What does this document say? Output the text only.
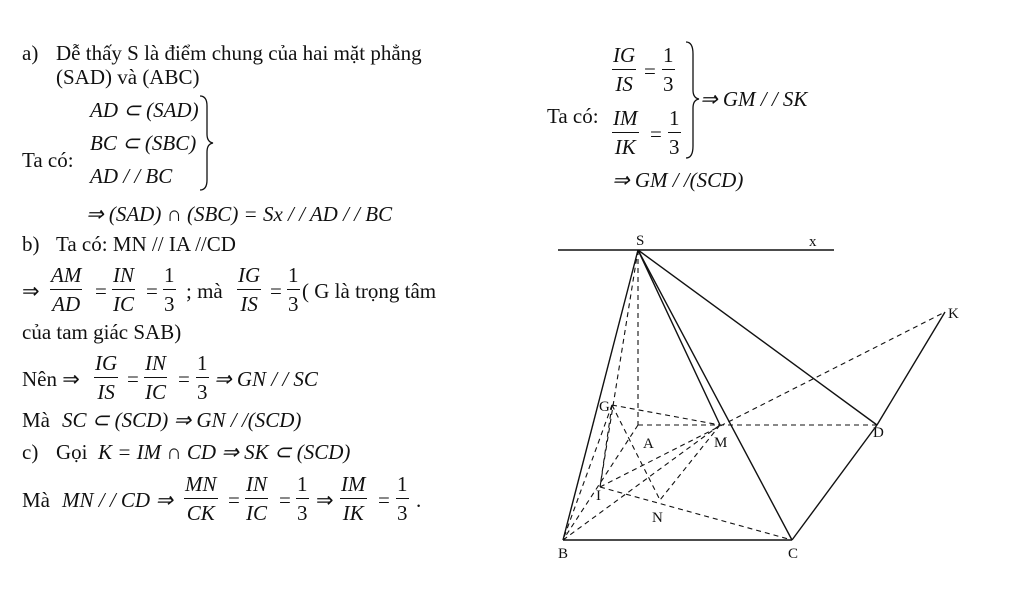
a) Dễ thấy S là điểm chung của hai mặt phẳng
(SAD) và (ABC)
Ta có:
AD ⊂ (SAD)
BC ⊂ (SBC)
AD / / BC
⇒ (SAD) ∩ (SBC) = Sx / / AD / / BC
b) Ta có: MN // IA //CD
⇒ $\frac{AM}{AD} = \frac{IN}{IC} = \frac{1}{3}$ ; mà $\frac{IG}{IS} = \frac{1}{3}$ ( G là trọng tâm
của tam giác SAB)
Nên ⇒ $\frac{IG}{IS} = \frac{IN}{IC} = \frac{1}{3}$ ⇒ GN / / SC
Mà SC ⊂ (SCD) ⇒ GN / /(SCD)
c) Gọi K = IM ∩ CD ⇒ SK ⊂ (SCD)
Mà MN / / CD ⇒ $\frac{MN}{CK} = \frac{IN}{IC} = \frac{1}{3}$ ⇒ $\frac{IM}{IK} = \frac{1}{3}$ .
Ta có:
$\frac{IG}{IS} = \frac{1}{3}$
$\frac{IM}{IK} = \frac{1}{3}$
⇒ GM / / SK
⇒ GM / /(SCD)
S	x
K
G
A	M
D
I
N
B	C
